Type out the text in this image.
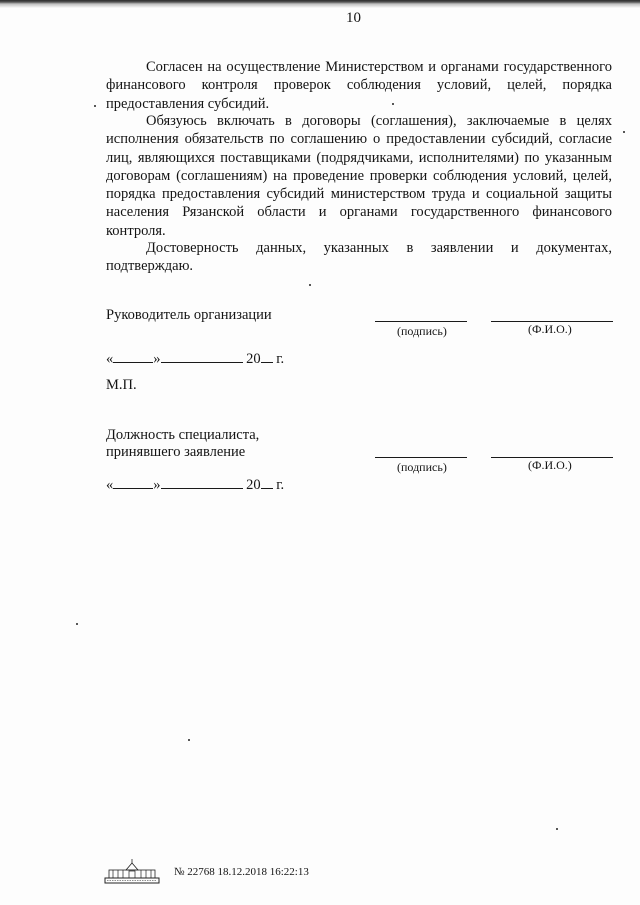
10
Согласен на осуществление Министерством и органами государственного финансового контроля проверок соблюдения условий, целей, порядка предоставления субсидий.
Обязуюсь включать в договоры (соглашения), заключаемые в целях исполнения обязательств по соглашению о предоставлении субсидий, согласие лиц, являющихся поставщиками (подрядчиками, исполнителями) по указанным договорам (соглашениям) на проведение проверки соблюдения условий, целей, порядка предоставления субсидий министерством труда и социальной защиты населения Рязанской области и органами государственного финансового контроля.
Достоверность данных, указанных в заявлении и документах, подтверждаю.
Руководитель организации
(подпись)	(Ф.И.О.)
«	»	20 г.
М.П.
Должность специалиста,
принявшего заявление
(подпись)	(Ф.И.О.)
«	»	20 г.
№ 22768 18.12.2018 16:22:13
